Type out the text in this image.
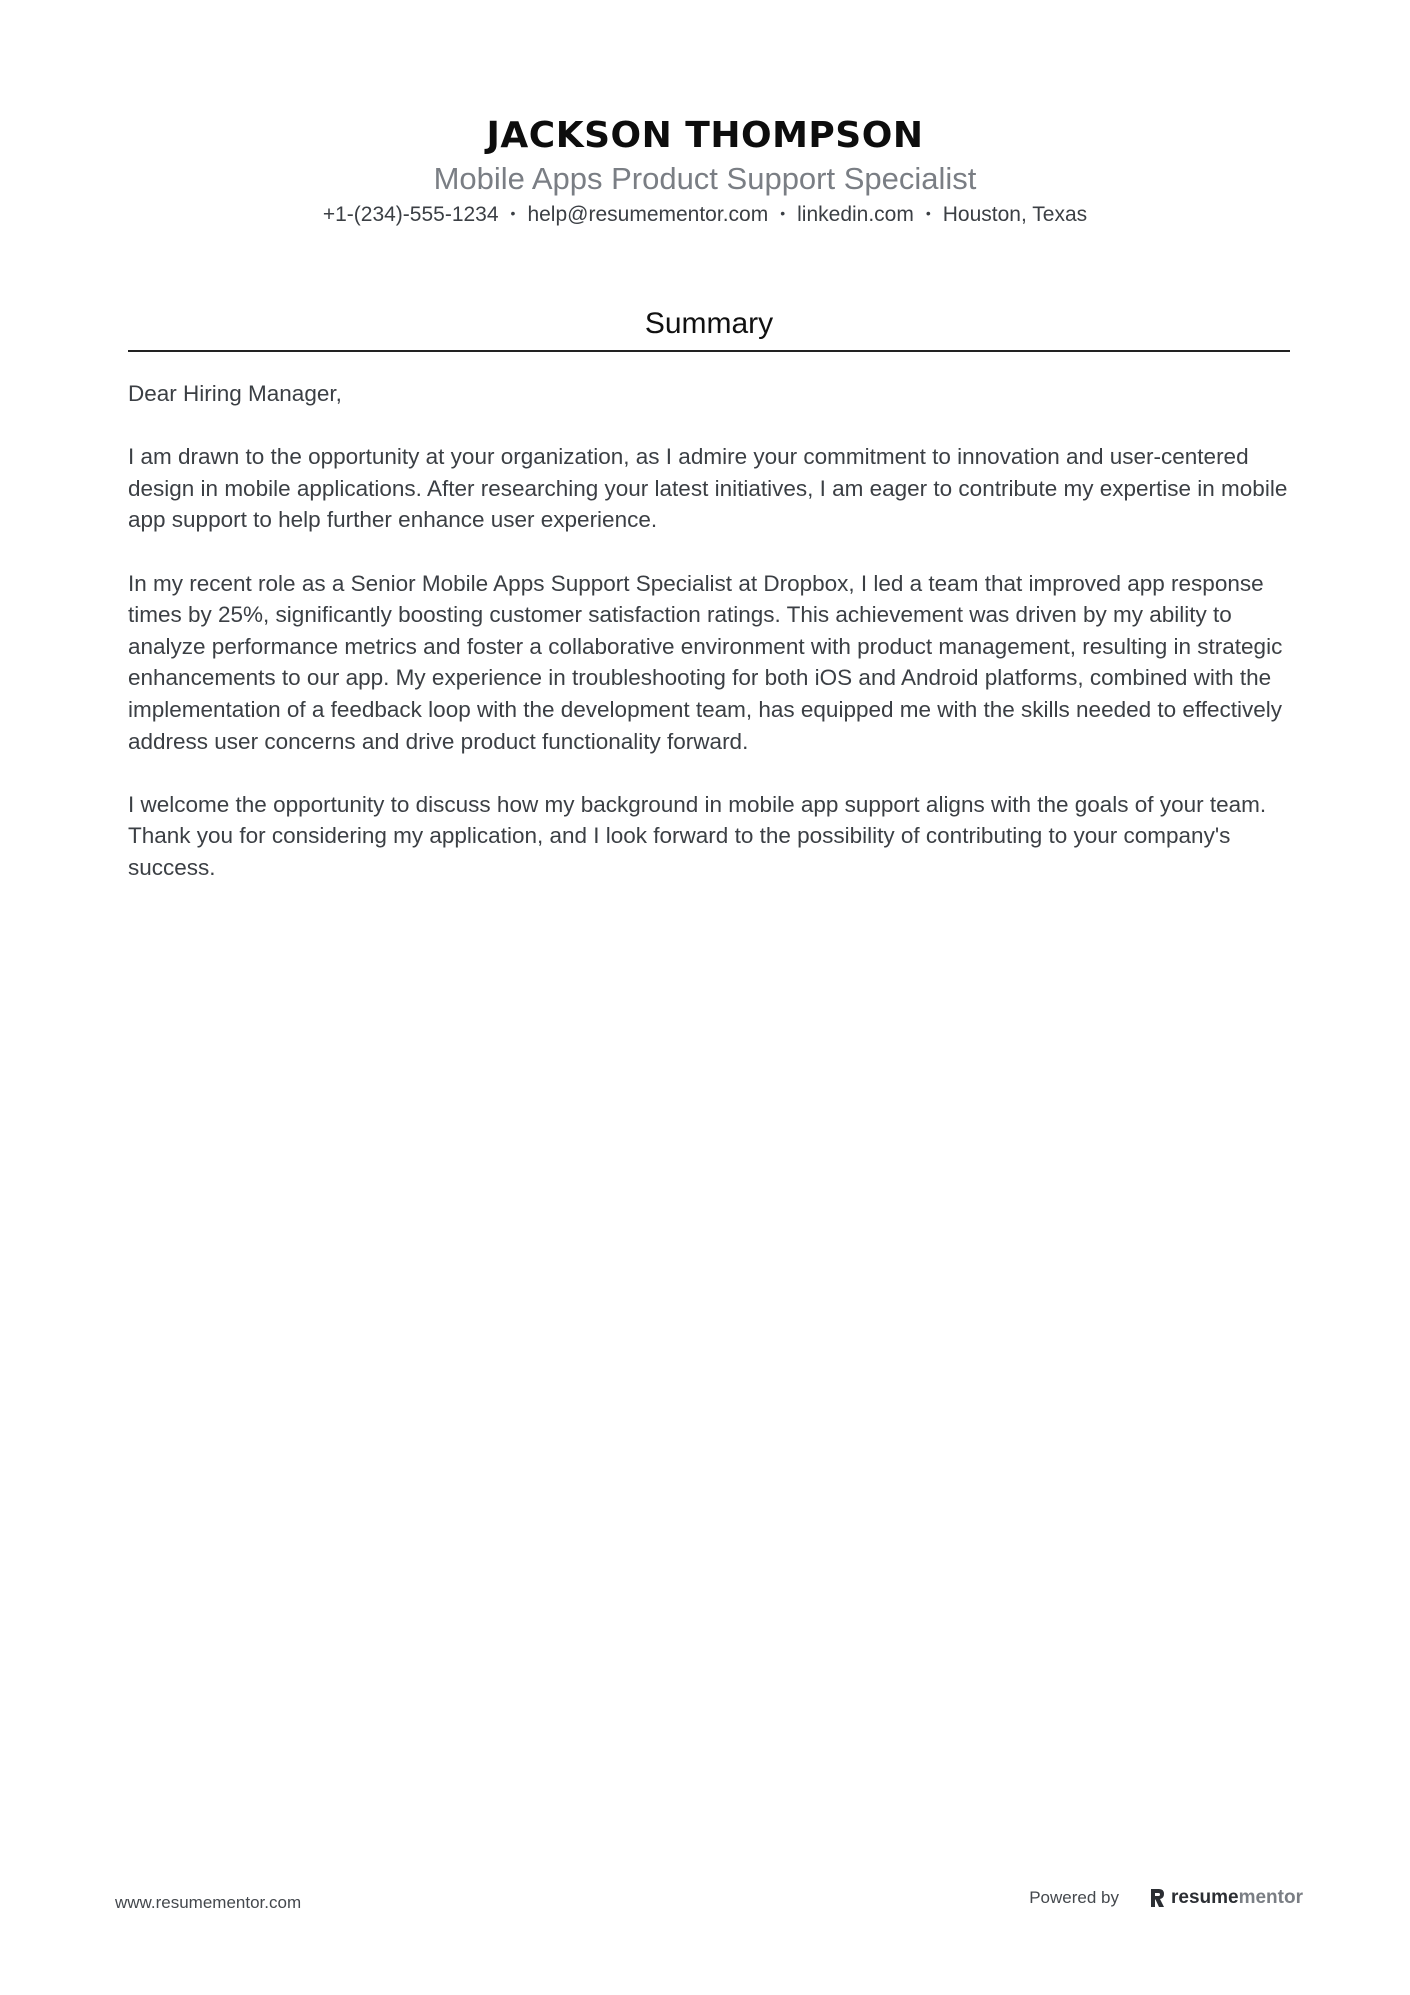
JACKSON THOMPSON
Mobile Apps Product Support Specialist
+1-(234)-555-1234 • help@resumementor.com • linkedin.com • Houston, Texas
Summary

Dear Hiring Manager,

I am drawn to the opportunity at your organization, as I admire your commitment to innovation and user-centered design in mobile applications. After researching your latest initiatives, I am eager to contribute my expertise in mobile app support to help further enhance user experience.

In my recent role as a Senior Mobile Apps Support Specialist at Dropbox, I led a team that improved app response times by 25%, significantly boosting customer satisfaction ratings. This achievement was driven by my ability to analyze performance metrics and foster a collaborative environment with product management, resulting in strategic enhancements to our app. My experience in troubleshooting for both iOS and Android platforms, combined with the implementation of a feedback loop with the development team, has equipped me with the skills needed to effectively address user concerns and drive product functionality forward.

I welcome the opportunity to discuss how my background in mobile app support aligns with the goals of your team. Thank you for considering my application, and I look forward to the possibility of contributing to your company's success.

www.resumementor.com	Powered by	resume mentor
